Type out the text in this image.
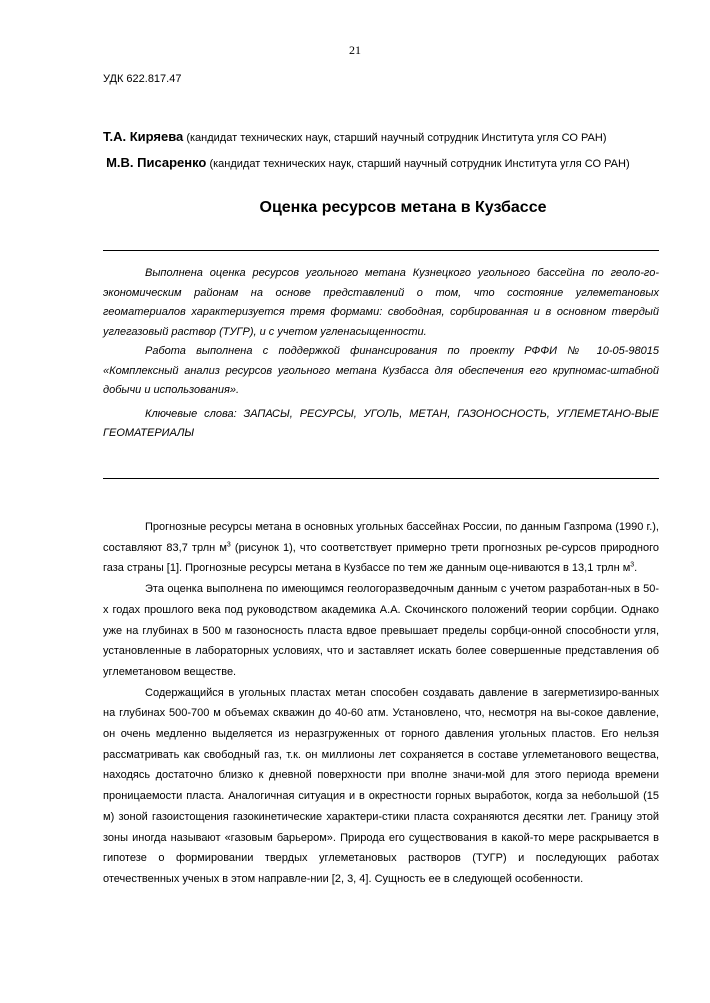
21
УДК 622.817.47
Т.А. Киряева (кандидат технических наук, старший научный сотрудник Института угля СО РАН)
М.В. Писаренко (кандидат технических наук, старший научный сотрудник Института угля СО РАН)
Оценка ресурсов метана в Кузбассе

Выполнена оценка ресурсов угольного метана Кузнецкого угольного бассейна по геоло-го-экономическим районам на основе представлений о том, что состояние углеметановых геоматериалов характеризуется тремя формами: свободная, сорбированная и в основном твердый углегазовый раствор (ТУГР), и с учетом угленасыщенности.

Работа выполнена с поддержкой финансирования по проекту РФФИ № 10-05-98015 «Комплексный анализ ресурсов угольного метана Кузбасса для обеспечения его крупномас-штабной добычи и использования».

Ключевые слова: ЗАПАСЫ, РЕСУРСЫ, УГОЛЬ, МЕТАН, ГАЗОНОСНОСТЬ, УГЛЕМЕТАНО-ВЫЕ ГЕОМАТЕРИАЛЫ

Прогнозные ресурсы метана в основных угольных бассейнах России, по данным Газпрома (1990 г.), составляют 83,7 трлн $м^3$ (рисунок 1), что соответствует примерно трети прогнозных ре-сурсов природного газа страны [1]. Прогнозные ресурсы метана в Кузбассе по тем же данным оце-ниваются в 13,1 трлн $м^3$.

Эта оценка выполнена по имеющимся геологоразведочным данным с учетом разработан-ных в 50-х годах прошлого века под руководством академика А.А. Скочинского положений теории сорбции. Однако уже на глубинах в 500 м газоносность пласта вдвое превышает пределы сорбци-онной способности угля, установленные в лабораторных условиях, что и заставляет искать более совершенные представления об углеметановом веществе.

Содержащийся в угольных пластах метан способен создавать давление в загерметизиро-ванных на глубинах 500-700 м объемах скважин до 40-60 атм. Установлено, что, несмотря на вы-сокое давление, он очень медленно выделяется из неразгруженных от горного давления угольных пластов. Его нельзя рассматривать как свободный газ, т.к. он миллионы лет сохраняется в составе углеметанового вещества, находясь достаточно близко к дневной поверхности при вполне значи-мой для этого периода времени проницаемости пласта. Аналогичная ситуация и в окрестности горных выработок, когда за небольшой (15 м) зоной газоистощения газокинетические характери-стики пласта сохраняются десятки лет. Границу этой зоны иногда называют «газовым барьером». Природа его существования в какой-то мере раскрывается в гипотезе о формировании твердых углеметановых растворов (ТУГР) и последующих работах отечественных ученых в этом направле-нии [2, 3, 4]. Сущность ее в следующей особенности.
